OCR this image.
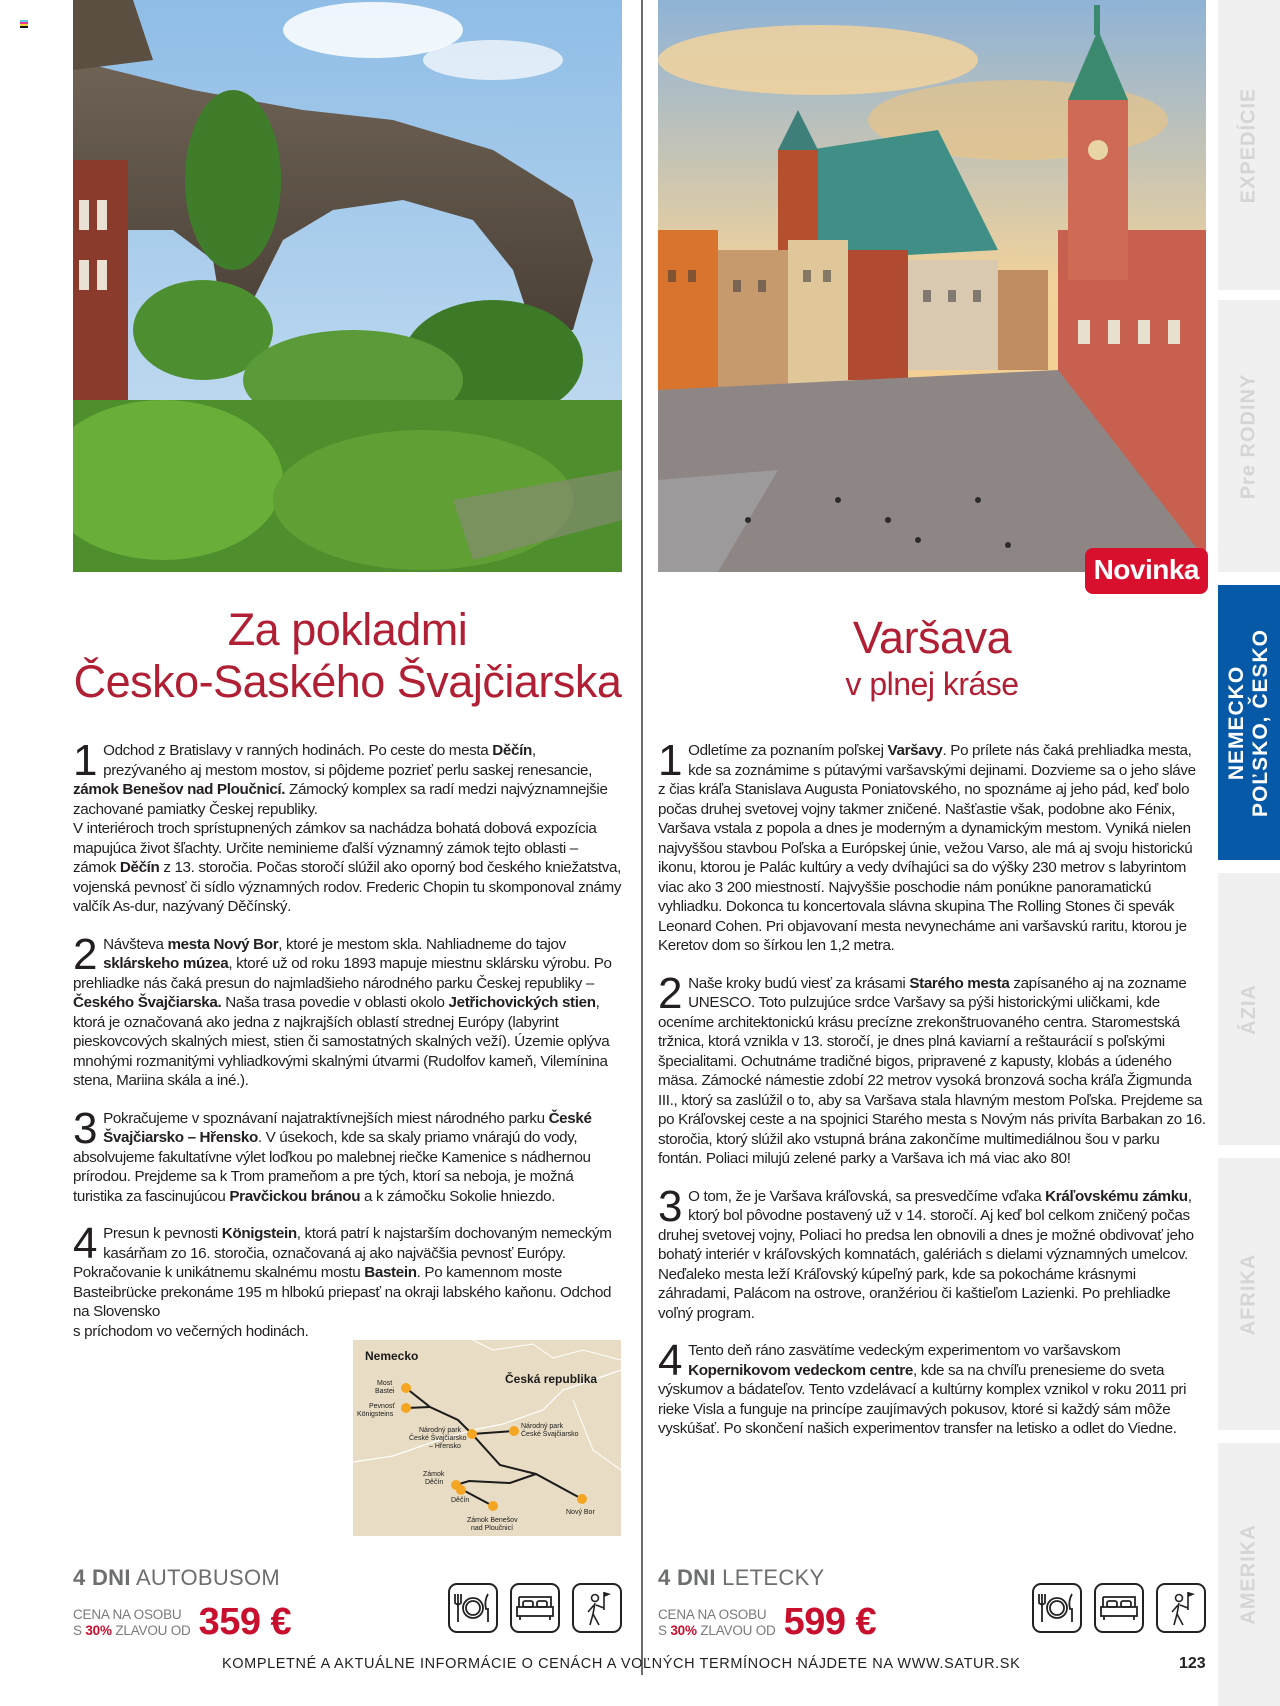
Za pokladmi
Česko-Saského Švajčiarska

1 Odchod z Bratislavy v ranných hodinách. Po ceste do mesta Děčín, prezývaného aj mestom mostov, si pôjdeme pozrieť perlu saskej renesancie, zámok Benešov nad Ploučnicí. Zámocký komplex sa radí medzi najvýznamnejšie zachované pamiatky Českej republiky.
V interiéroch troch sprístupnených zámkov sa nachádza bohatá dobová expozícia mapujúca život šľachty. Určite neminieme ďalší významný zámok tejto oblasti – zámok Děčín z 13. storočia. Počas storočí slúžil ako oporný bod českého kniežatstva, vojenská pevnosť či sídlo významných rodov. Frederic Chopin tu skomponoval známy valčík As-dur, nazývaný Děčínský.

2 Návšteva mesta Nový Bor, ktoré je mestom skla. Nahliadneme do tajov sklárskeho múzea, ktoré už od roku 1893 mapuje miestnu sklársku výrobu. Po prehliadke nás čaká presun do najmladšieho národného parku Českej republiky – Českého Švajčiarska. Naša trasa povedie v oblasti okolo Jetřichovických stien, ktorá je označovaná ako jedna z najkrajších oblastí strednej Európy (labyrint pieskovcových skalných miest, stien či samostatných skalných veží). Územie oplýva mnohými rozmanitými vyhliadkovými skalnými útvarmi (Rudolfov kameň, Vilemínina stena, Mariina skála a iné.).

3 Pokračujeme v spoznávaní najatraktívnejších miest národného parku České Švajčiarsko – Hřensko. V úsekoch, kde sa skaly priamo vnárajú do vody, absolvujeme fakultatívne výlet loďkou po malebnej riečke Kamenice s nádhernou prírodou. Prejdeme sa k Trom prameňom a pre tých, ktorí sa neboja, je možná turistika za fascinujúcou Pravčickou bránou a k zámočku Sokolie hniezdo.

4 Presun k pevnosti Königstein, ktorá patrí k najstarším dochovaným nemeckým kasárňam zo 16. storočia, označovaná aj ako najväčšia pevnosť Európy. Pokračovanie k unikátnemu skalnému mostu Bastein. Po kamennom moste Basteibrücke prekonáme 195 m hlbokú priepasť na okraji labského kaňonu. Odchod na Slovensko
s príchodom vo večerných hodinách.

Nemecko
Česká republika
Most
Bastei
Pevnosť
Königsteins
Národný park
České Švajčiarsko
– Hřensko
Národný park
České Švajčiarsko
Zámok
Děčín
Děčín
Zámok Benešov
nad Ploučnicí
Nový Bor
4 DNI AUTOBUSOM
CENA NA OSOBU
S 30% ZLAVOU OD 359 €
Novinka
Varšava
v plnej kráse

1 Odletíme za poznaním poľskej Varšavy. Po prílete nás čaká prehliadka mesta, kde sa zoznámime s pútavými varšavskými dejinami. Dozvieme sa o jeho sláve z čias kráľa Stanislava Augusta Poniatovského, no spoznáme aj jeho pád, keď bolo počas druhej svetovej vojny takmer zničené. Našťastie však, podobne ako Fénix, Varšava vstala z popola a dnes je moderným a dynamickým mestom. Vyniká nielen najvyššou stavbou Poľska a Európskej únie, vežou Varso, ale má aj svoju historickú ikonu, ktorou je Palác kultúry a vedy dvíhajúci sa do výšky 230 metrov s labyrintom viac ako 3 200 miestností. Najvyššie poschodie nám ponúkne panoramatickú vyhliadku. Dokonca tu koncertovala slávna skupina The Rolling Stones či spevák Leonard Cohen. Pri objavovaní mesta nevynecháme ani varšavskú raritu, ktorou je Keretov dom so šírkou len 1,2 metra.

2 Naše kroky budú viesť za krásami Starého mesta zapísaného aj na zozname UNESCO. Toto pulzujúce srdce Varšavy sa pýši historickými uličkami, kde oceníme architektonickú krásu precízne zrekonštruovaného centra. Staromestská tržnica, ktorá vznikla v 13. storočí, je dnes plná kaviarní a reštaurácií s poľskými špecialitami. Ochutnáme tradičné bigos, pripravené z kapusty, klobás a údeného mäsa. Zámocké námestie zdobí 22 metrov vysoká bronzová socha kráľa Žigmunda III., ktorý sa zaslúžil o to, aby sa Varšava stala hlavným mestom Poľska. Prejdeme sa po Kráľovskej ceste a na spojnici Starého mesta s Novým nás privíta Barbakan zo 16. storočia, ktorý slúžil ako vstupná brána zakončíme multimediálnou šou v parku fontán. Poliaci milujú zelené parky a Varšava ich má viac ako 80!

3 O tom, že je Varšava kráľovská, sa presvedčíme vďaka Kráľovskému zámku, ktorý bol pôvodne postavený už v 14. storočí. Aj keď bol celkom zničený počas druhej svetovej vojny, Poliaci ho predsa len obnovili a dnes je možné obdivovať jeho bohatý interiér v kráľovských komnatách, galériách s dielami významných umelcov. Neďaleko mesta leží Kráľovský kúpeľný park, kde sa pokocháme krásnymi záhradami, Palácom na ostrove, oranžériou či kaštieľom Lazienki. Po prehliadke voľný program.

4 Tento deň ráno zasvätíme vedeckým experimentom vo varšavskom Kopernikovom vedeckom centre, kde sa na chvíľu prenesieme do sveta výskumov a bádateľov. Tento vzdelávací a kultúrny komplex vznikol v roku 2011 pri rieke Visla a funguje na princípe zaujímavých pokusov, ktoré si každý sám môže vyskúšať. Po skončení našich experimentov transfer na letisko a odlet do Viedne.

4 DNI LETECKY
CENA NA OSOBU
S 30% ZLAVOU OD 599 €
KOMPLETNÉ A AKTUÁLNE INFORMÁCIE O CENÁCH A VOĽNÝCH TERMÍNOCH NÁJDETE NA WWW.SATUR.SK	123
EXPEDÍCIE
Pre RODINY
NEMECKO
POĽSKO, ČESKO
ÁZIA
AFRIKA
AMERIKA
